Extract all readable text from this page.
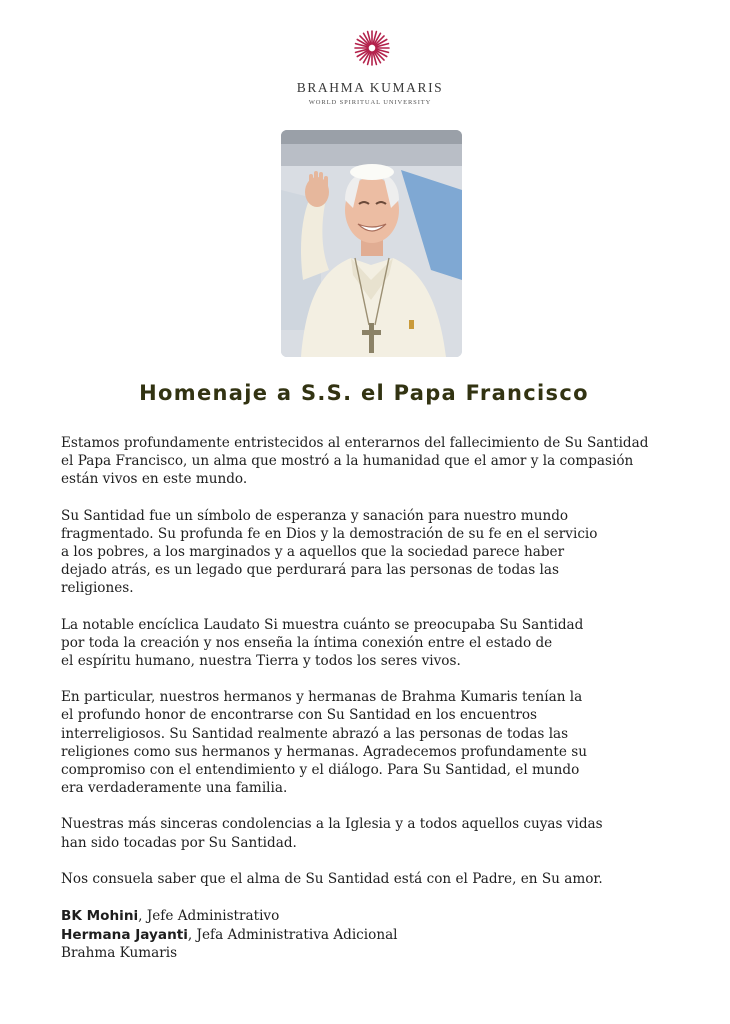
BRAHMA KUMARIS
WORLD SPIRITUAL UNIVERSITY
Homenaje a S.S. el Papa Francisco

Estamos profundamente entristecidos al enterarnos del fallecimiento de Su Santidad
el Papa Francisco, un alma que mostró a la humanidad que el amor y la compasión
están vivos en este mundo.

Su Santidad fue un símbolo de esperanza y sanación para nuestro mundo
fragmentado. Su profunda fe en Dios y la demostración de su fe en el servicio
a los pobres, a los marginados y a aquellos que la sociedad parece haber
dejado atrás, es un legado que perdurará para las personas de todas las
religiones.

La notable encíclica Laudato Si muestra cuánto se preocupaba Su Santidad
por toda la creación y nos enseña la íntima conexión entre el estado de
el espíritu humano, nuestra Tierra y todos los seres vivos.

En particular, nuestros hermanos y hermanas de Brahma Kumaris tenían la
el profundo honor de encontrarse con Su Santidad en los encuentros
interreligiosos. Su Santidad realmente abrazó a las personas de todas las
religiones como sus hermanos y hermanas. Agradecemos profundamente su
compromiso con el entendimiento y el diálogo. Para Su Santidad, el mundo
era verdaderamente una familia.

Nuestras más sinceras condolencias a la Iglesia y a todos aquellos cuyas vidas
han sido tocadas por Su Santidad.

Nos consuela saber que el alma de Su Santidad está con el Padre, en Su amor.

BK Mohini, Jefe Administrativo
Hermana Jayanti, Jefa Administrativa Adicional
Brahma Kumaris
